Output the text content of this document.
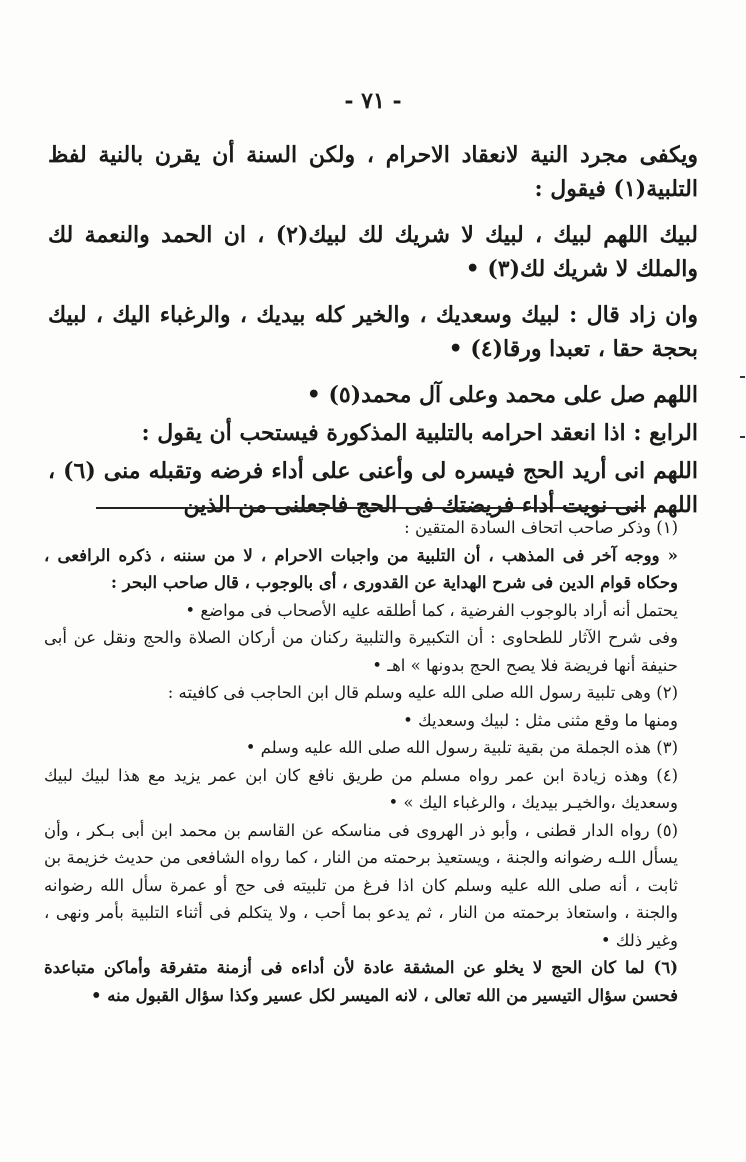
- ٧١ -

ويكفى مجرد النية لانعقاد الاحرام ، ولكن السنة أن يقرن بالنية لفظ التلبية(١) فيقول :

لبيك اللهم لبيك ، لبيك لا شريك لك لبيك(٢) ، ان الحمد والنعمة لك والملك لا شريك لك(٣) •

وان زاد قال : لبيك وسعديك ، والخير كله بيديك ، والرغباء اليك ، لبيك بحجة حقا ، تعبدا ورقا(٤) •

اللهم صل على محمد وعلى آل محمد(٥) •

الرابع : اذا انعقد احرامه بالتلبية المذكورة فيستحب أن يقول :

اللهم انى أريد الحج فيسره لى وأعنى على أداء فرضه وتقبله منى (٦) ، اللهم انى نويت أداء فريضتك فى الحج فاجعلنى من الذين

(١) وذكر صاحب اتحاف السادة المتقين :

« ووجه آخر فى المذهب ، أن التلبية من واجبات الاحرام ، لا من سننه ، ذكره الرافعى ، وحكاه قوام الدين فى شرح الهداية عن القدورى ، أى بالوجوب ، قال صاحب البحر :

يحتمل أنه أراد بالوجوب الفرضية ، كما أطلقه عليه الأصحاب فى مواضع •

وفى شرح الآثار للطحاوى : أن التكبيرة والتلبية ركنان من أركان الصلاة والحج ونقل عن أبى حنيفة أنها فريضة فلا يصح الحج بدونها » اهـ •

(٢) وهى تلبية رسول الله صلى الله عليه وسلم قال ابن الحاجب فى كافيته :

ومنها ما وقع مثنى مثل : لبيك وسعديك •

(٣) هذه الجملة من بقية تلبية رسول الله صلى الله عليه وسلم •

(٤) وهذه زيادة ابن عمر رواه مسلم من طريق نافع كان ابن عمر يزيد مع هذا لبيك لبيك وسعديك ،والخيـر بيديك ، والرغباء اليك » •

(٥) رواه الدار قطنى ، وأبو ذر الهروى فى مناسكه عن القاسم بن محمد ابن أبى بـكر ، وأن يسأل اللـه رضوانه والجنة ، ويستعيذ برحمته من النار ، كما رواه الشافعى من حديث خزيمة بن ثابت ، أنه صلى الله عليه وسلم كان اذا فرغ من تلبيته فى حج أو عمرة سأل الله رضوانه والجنة ، واستعاذ برحمته من النار ، ثم يدعو بما أحب ، ولا يتكلم فى أثناء التلبية بأمر ونهى ، وغير ذلك •

(٦) لما كان الحج لا يخلو عن المشقة عادة لأن أداءه فى أزمنة متفرقة وأماكن متباعدة فحسن سؤال التيسير من الله تعالى ، لانه الميسر لكل عسير وكذا سؤال القبول منه •
